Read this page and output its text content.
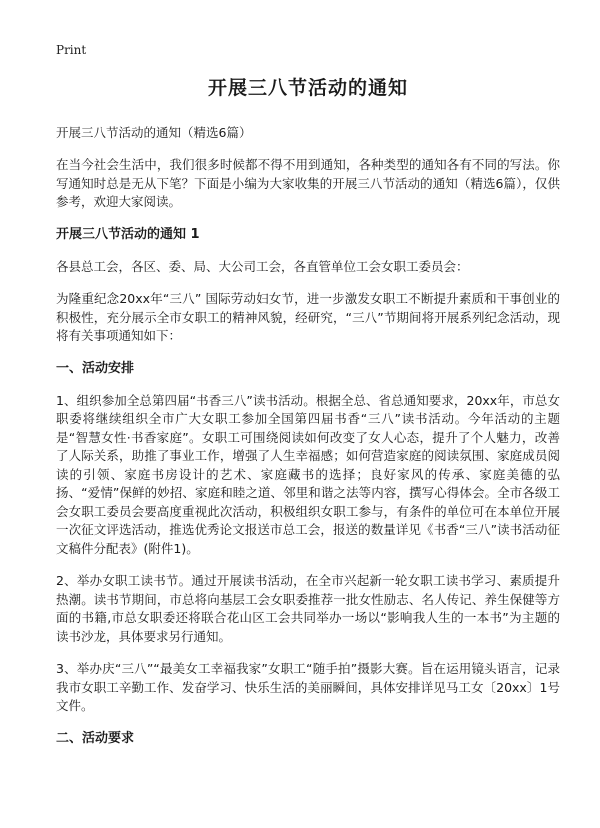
Print
开展三八节活动的通知
开展三八节活动的通知（精选6篇）

在当今社会生活中，我们很多时候都不得不用到通知，各种类型的通知各有不同的写法。你写通知时总是无从下笔？下面是小编为大家收集的开展三八节活动的通知（精选6篇），仅供参考，欢迎大家阅读。

开展三八节活动的通知 1

各县总工会，各区、委、局、大公司工会，各直管单位工会女职工委员会：

为隆重纪念20xx年“三八” 国际劳动妇女节，进一步激发女职工不断提升素质和干事创业的积极性，充分展示全市女职工的精神风貌，经研究，“三八”节期间将开展系列纪念活动，现将有关事项通知如下：

一、活动安排

1、组织参加全总第四届“书香三八”读书活动。根据全总、省总通知要求，20xx年，市总女职委将继续组织全市广大女职工参加全国第四届书香“三八”读书活动。今年活动的主题是“智慧女性·书香家庭”。女职工可围绕阅读如何改变了女人心态，提升了个人魅力，改善了人际关系，助推了事业工作，增强了人生幸福感；如何营造家庭的阅读氛围、家庭成员阅读的引领、家庭书房设计的艺术、家庭藏书的选择；良好家风的传承、家庭美德的弘扬、“爱情”保鲜的妙招、家庭和睦之道、邻里和谐之法等内容，撰写心得体会。全市各级工会女职工委员会要高度重视此次活动，积极组织女职工参与，有条件的单位可在本单位开展一次征文评选活动，推选优秀论文报送市总工会，报送的数量详见《书香“三八”读书活动征文稿件分配表》(附件1)。

2、举办女职工读书节。通过开展读书活动，在全市兴起新一轮女职工读书学习、素质提升热潮。读书节期间，市总将向基层工会女职委推荐一批女性励志、名人传记、养生保健等方面的书籍,市总女职委还将联合花山区工会共同举办一场以“影响我人生的一本书”为主题的读书沙龙，具体要求另行通知。

3、举办庆“三八”“最美女工幸福我家”女职工“随手拍”摄影大赛。旨在运用镜头语言，记录我市女职工辛勤工作、发奋学习、快乐生活的美丽瞬间，具体安排详见马工女〔20xx〕1号文件。

二、活动要求
